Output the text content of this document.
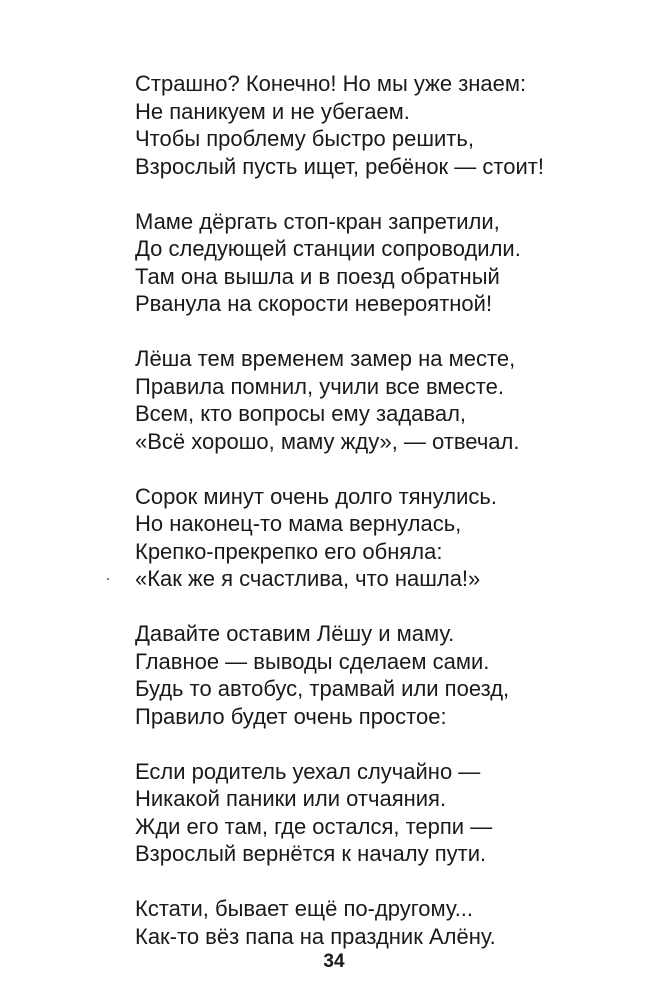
Страшно? Конечно! Но мы уже знаем:
Не паникуем и не убегаем.
Чтобы проблему быстро решить,
Взрослый пусть ищет, ребёнок — стоит!
Маме дёргать стоп-кран запретили,
До следующей станции сопроводили.
Там она вышла и в поезд обратный
Рванула на скорости невероятной!
Лёша тем временем замер на месте,
Правила помнил, учили все вместе.
Всем, кто вопросы ему задавал,
«Всё хорошо, маму жду», — отвечал.
Сорок минут очень долго тянулись.
Но наконец-то мама вернулась,
Крепко-прекрепко его обняла:
«Как же я счастлива, что нашла!»
Давайте оставим Лёшу и маму.
Главное — выводы сделаем сами.
Будь то автобус, трамвай или поезд,
Правило будет очень простое:
Если родитель уехал случайно —
Никакой паники или отчаяния.
Жди его там, где остался, терпи —
Взрослый вернётся к началу пути.
Кстати, бывает ещё по-другому...
Как-то вёз папа на праздник Алёну.
34
